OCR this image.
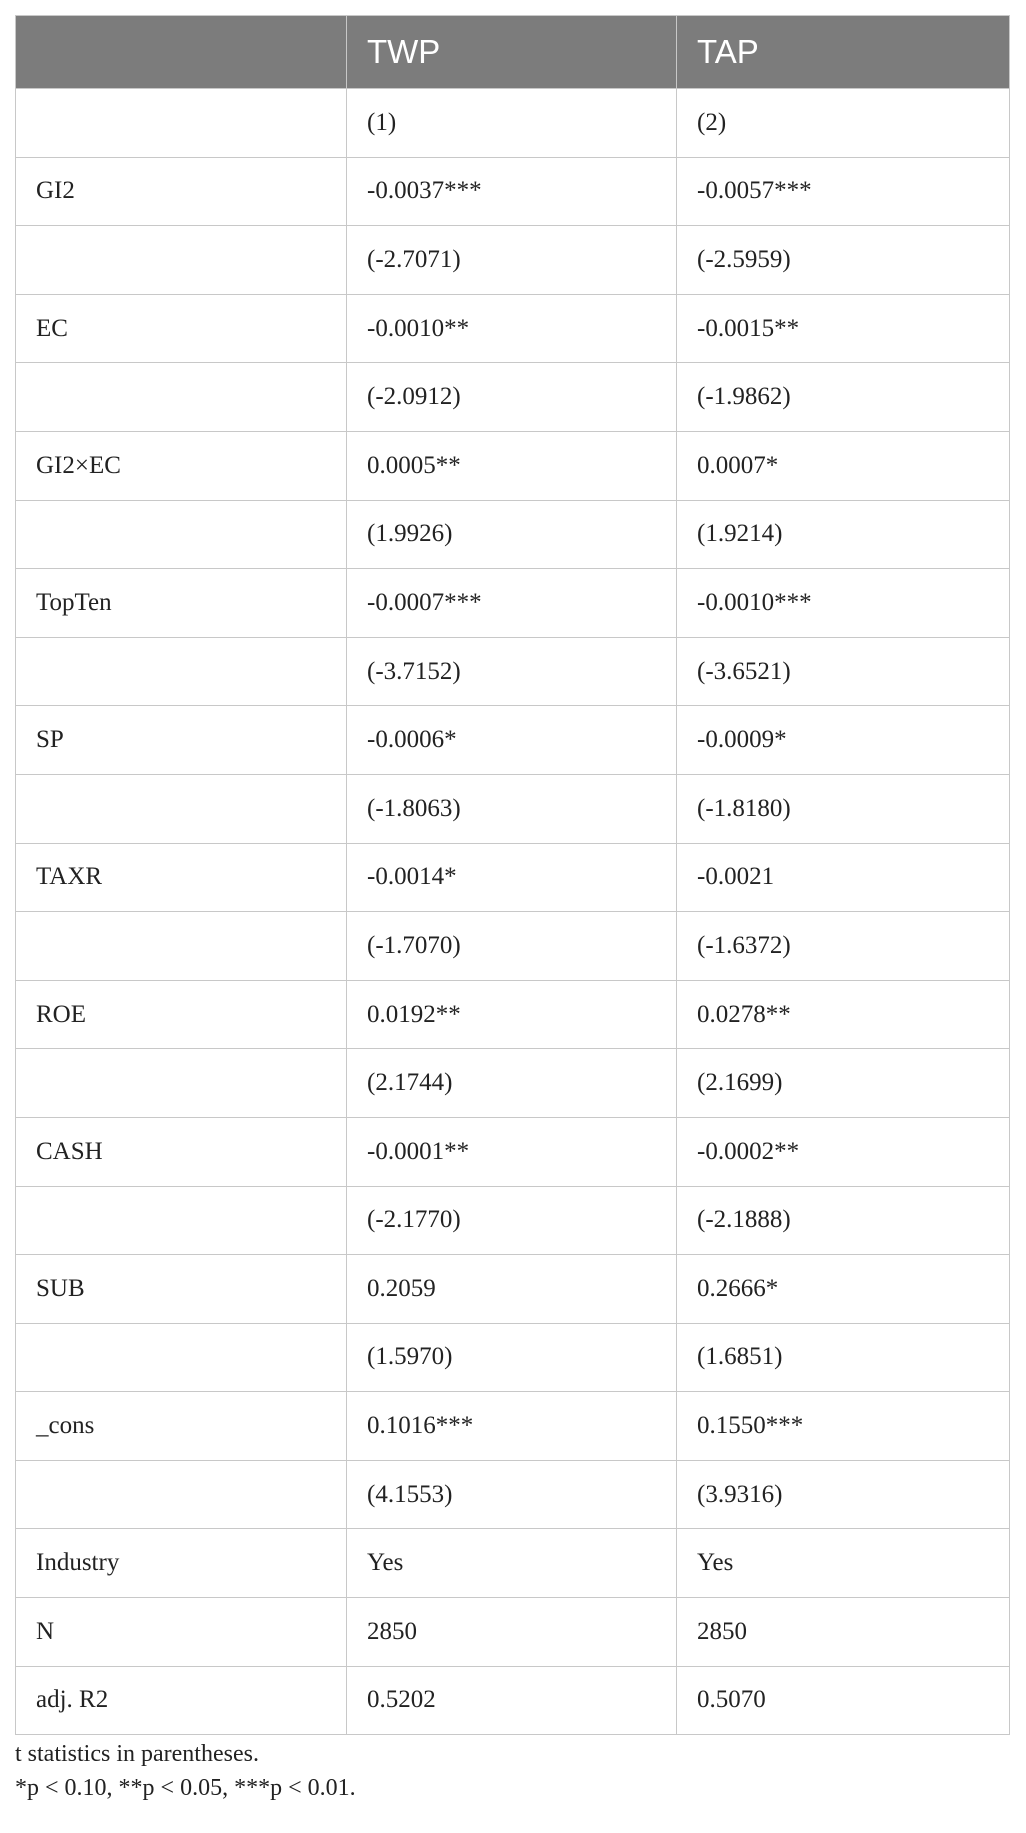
	TWP	TAP
	(1)	(2)
GI2	-0.0037***	-0.0057***
	(-2.7071)	(-2.5959)
EC	-0.0010**	-0.0015**
	(-2.0912)	(-1.9862)
GI2×EC	0.0005**	0.0007*
	(1.9926)	(1.9214)
TopTen	-0.0007***	-0.0010***
	(-3.7152)	(-3.6521)
SP	-0.0006*	-0.0009*
	(-1.8063)	(-1.8180)
TAXR	-0.0014*	-0.0021
	(-1.7070)	(-1.6372)
ROE	0.0192**	0.0278**
	(2.1744)	(2.1699)
CASH	-0.0001**	-0.0002**
	(-2.1770)	(-2.1888)
SUB	0.2059	0.2666*
	(1.5970)	(1.6851)
_cons	0.1016***	0.1550***
	(4.1553)	(3.9316)
Industry	Yes	Yes
N	2850	2850
adj. R2	0.5202	0.5070
t statistics in parentheses.
*p < 0.10, **p < 0.05, ***p < 0.01.
